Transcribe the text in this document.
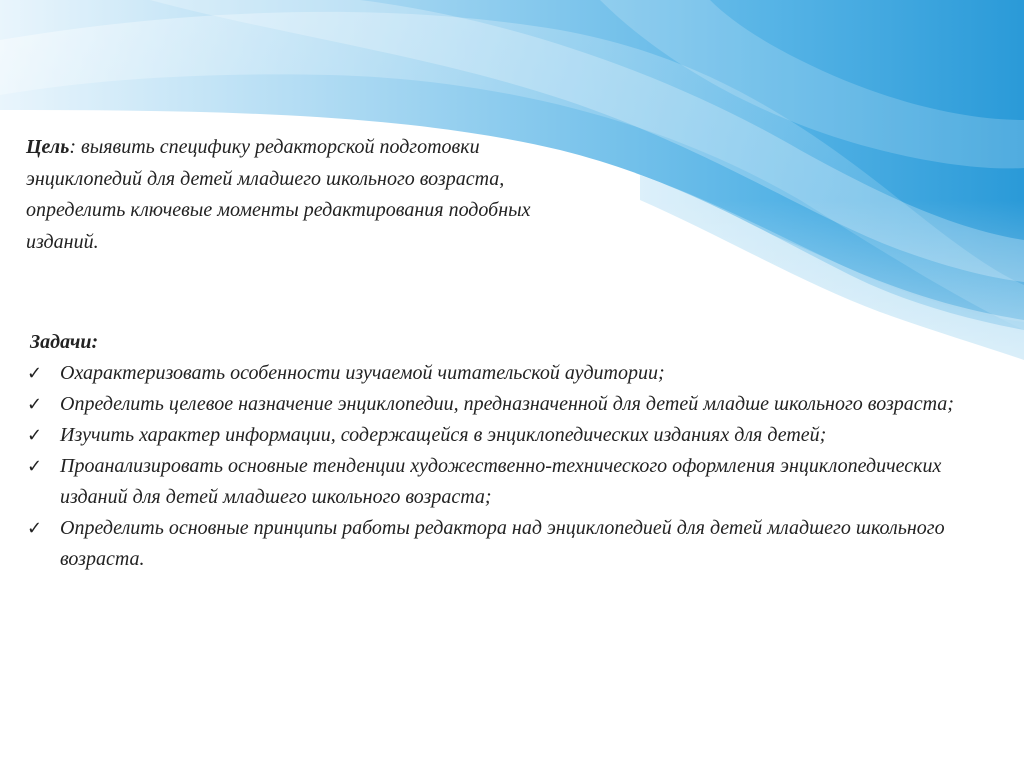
Цель: выявить специфику редакторской подготовки энциклопедий для детей младшего школьного возраста, определить ключевые моменты редактирования подобных изданий.
Задачи:
✓ Охарактеризовать особенности изучаемой читательской аудитории;
✓ Определить целевое назначение энциклопедии, предназначенной для детей младше школьного возраста;
✓ Изучить характер информации, содержащейся в энциклопедических изданиях для детей;
✓ Проанализировать основные тенденции художественно-технического оформления энциклопедических изданий для детей младшего школьного возраста;
✓ Определить основные принципы работы редактора над энциклопедией для детей младшего школьного возраста.
